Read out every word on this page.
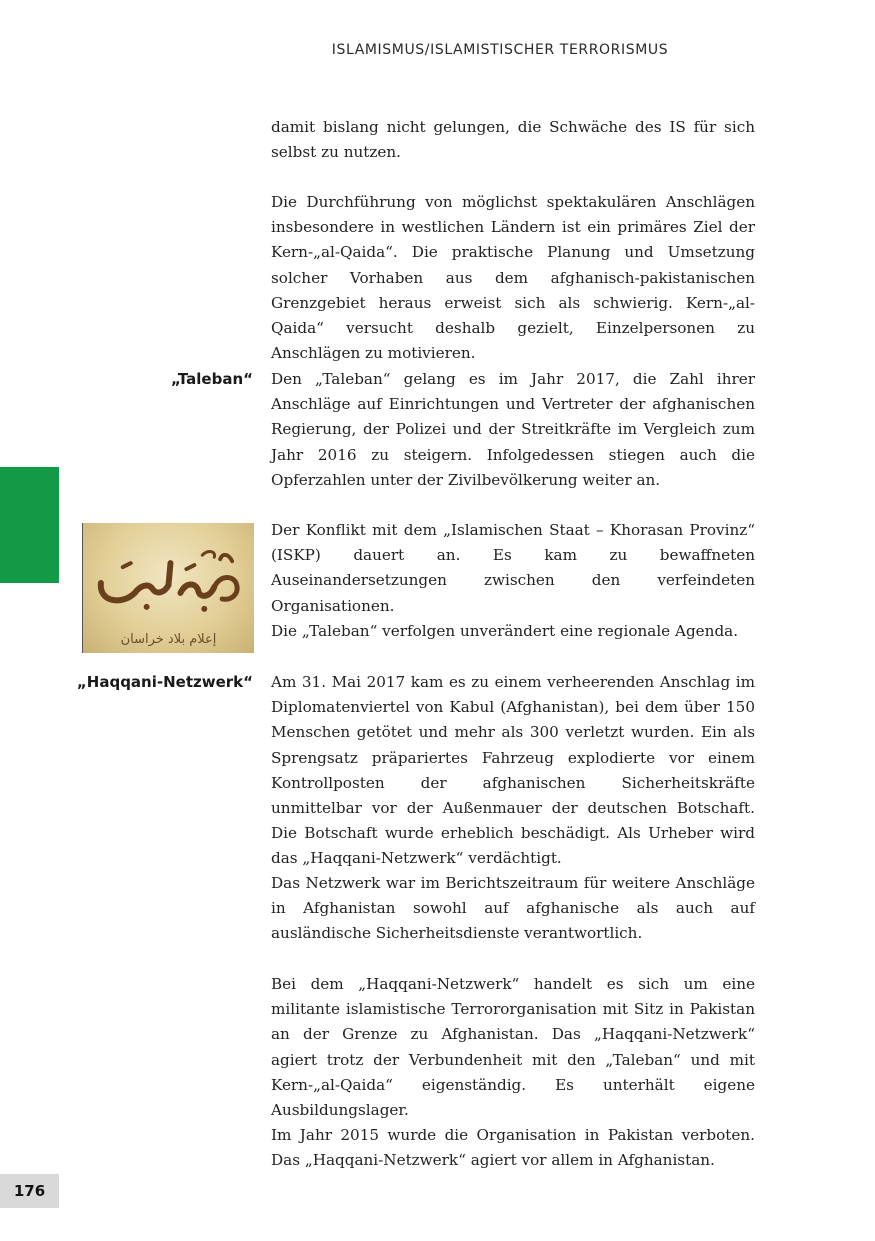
ISLAMISMUS/ISLAMISTISCHER TERRORISMUS
176

damit bislang nicht gelungen, die Schwäche des IS für sich selbst zu nutzen.

Die Durchführung von möglichst spektakulären Anschlägen insbesondere in westlichen Ländern ist ein primäres Ziel der Kern-„al-Qaida“. Die praktische Planung und Umsetzung solcher Vorhaben aus dem afghanisch-pakistanischen Grenzgebiet heraus erweist sich als schwierig. Kern-„al-Qaida“ versucht deshalb gezielt, Einzelpersonen zu Anschlägen zu motivieren.

Den „Taleban“ gelang es im Jahr 2017, die Zahl ihrer Anschläge auf Einrichtungen und Vertreter der afghanischen Regierung, der Polizei und der Streitkräfte im Vergleich zum Jahr 2016 zu steigern. Infolgedessen stiegen auch die Opferzahlen unter der Zivilbevölkerung weiter an.

Der Konflikt mit dem „Islamischen Staat – Khorasan Provinz“ (ISKP) dauert an. Es kam zu bewaffneten Auseinandersetzungen zwischen den verfeindeten Organisationen.

Die „Taleban“ verfolgen unverändert eine regionale Agenda.

Am 31. Mai 2017 kam es zu einem verheerenden Anschlag im Diplomatenviertel von Kabul (Afghanistan), bei dem über 150 Menschen getötet und mehr als 300 verletzt wurden. Ein als Sprengsatz präpariertes Fahrzeug explodierte vor einem Kontrollposten der afghanischen Sicherheitskräfte unmittelbar vor der Außenmauer der deutschen Botschaft. Die Botschaft wurde erheblich beschädigt. Als Urheber wird das „Haqqani-Netzwerk“ verdächtigt.

Das Netzwerk war im Berichtszeitraum für weitere Anschläge in Afghanistan sowohl auf afghanische als auch auf ausländische Sicherheitsdienste verantwortlich.

Bei dem „Haqqani-Netzwerk“ handelt es sich um eine militante islamistische Terrororganisation mit Sitz in Pakistan an der Grenze zu Afghanistan. Das „Haqqani-Netzwerk“ agiert trotz der Verbundenheit mit den „Taleban“ und mit Kern-„al-Qaida“ eigenständig. Es unterhält eigene Ausbildungslager.

Im Jahr 2015 wurde die Organisation in Pakistan verboten. Das „Haqqani-Netzwerk“ agiert vor allem in Afghanistan.

„Taleban“
„Haqqani-Netzwerk“
إعلام بلاد خراسان
